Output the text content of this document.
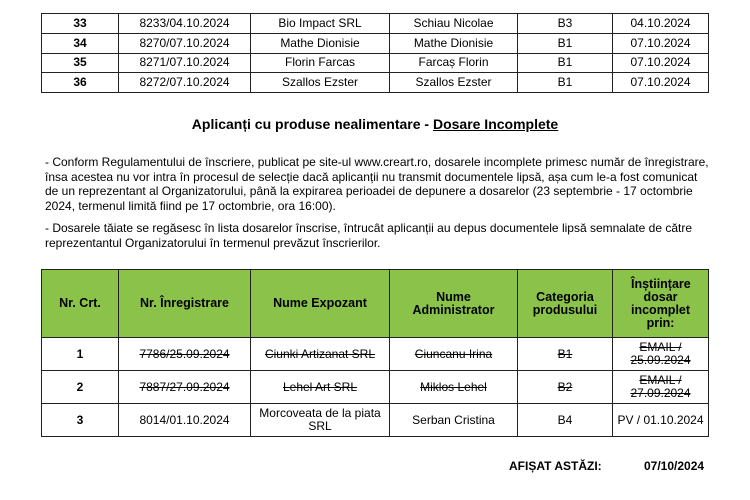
33	8233/04.10.2024	Bio Impact SRL	Schiau Nicolae	B3	04.10.2024
34	8270/07.10.2024	Mathe Dionisie	Mathe Dionisie	B1	07.10.2024
35	8271/07.10.2024	Florin Farcas	Farcaș Florin	B1	07.10.2024
36	8272/07.10.2024	Szallos Ezster	Szallos Ezster	B1	07.10.2024
Aplicanți cu produse nealimentare - Dosare Incomplete
- Conform Regulamentului de înscriere, publicat pe site-ul www.creart.ro, dosarele incomplete primesc număr de înregistrare, însa acestea nu vor intra în procesul de selecție dacă aplicanții nu transmit documentele lipsă, așa cum le-a fost comunicat de un reprezentant al Organizatorului, până la expirarea perioadei de depunere a dosarelor (23 septembrie - 17 octombrie 2024, termenul limită fiind pe 17 octombrie, ora 16:00).
- Dosarele tăiate se regăsesc în lista dosarelor înscrise, întrucât aplicanții au depus documentele lipsă semnalate de către reprezentantul Organizatorului în termenul prevăzut înscrierilor.
Nr. Crt.	Nr. Înregistrare	Nume Expozant	Nume Administrator	Categoria produsului	Înștiințare dosar incomplet prin:
1	7786/25.09.2024	Ciunki Artizanat SRL	Ciuncanu Irina	B1	EMAIL / 25.09.2024
2	7887/27.09.2024	Lehel Art SRL	Miklos Lehel	B2	EMAIL / 27.09.2024
3	8014/01.10.2024	Morcoveata de la piata SRL	Serban Cristina	B4	PV / 01.10.2024
AFIȘAT ASTĂZI:	07/10/2024
